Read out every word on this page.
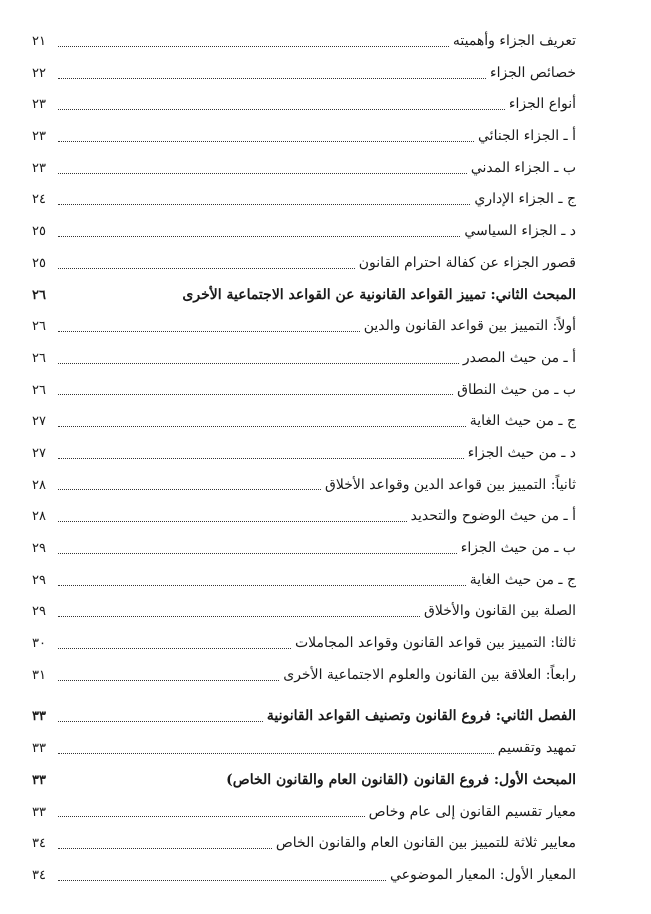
تعريف الجزاء وأهميته
٢١
خصائص الجزاء
٢٢
أنواع الجزاء
٢٣
أ ـ الجزاء الجنائي
٢٣
ب ـ الجزاء المدني
٢٣
ج ـ الجزاء الإداري
٢٤
د ـ الجزاء السياسي
٢٥
قصور الجزاء عن كفالة احترام القانون
٢٥
المبحث الثاني: تمييز القواعد القانونية عن القواعد الاجتماعية الأخرى
٢٦
أولاً: التمييز بين قواعد القانون والدين
٢٦
أ ـ من حيث المصدر
٢٦
ب ـ من حيث النطاق
٢٦
ج ـ من حيث الغاية
٢٧
د ـ من حيث الجزاء
٢٧
ثانياً: التمييز بين قواعد الدين وقواعد الأخلاق
٢٨
أ ـ من حيث الوضوح والتحديد
٢٨
ب ـ من حيث الجزاء
٢٩
ج ـ من حيث الغاية
٢٩
الصلة بين القانون والأخلاق
٢٩
ثالثا: التمييز بين قواعد القانون وقواعد المجاملات
٣٠
رابعاً: العلاقة بين القانون والعلوم الاجتماعية الأخرى
٣١
الفصل الثاني: فروع القانون وتصنيف القواعد القانونية
٣٣
تمهيد وتقسيم
٣٣
المبحث الأول: فروع القانون (القانون العام والقانون الخاص)
٣٣
معيار تقسيم القانون إلى عام وخاص
٣٣
معايير ثلاثة للتمييز بين القانون العام والقانون الخاص
٣٤
المعيار الأول: المعيار الموضوعي
٣٤
